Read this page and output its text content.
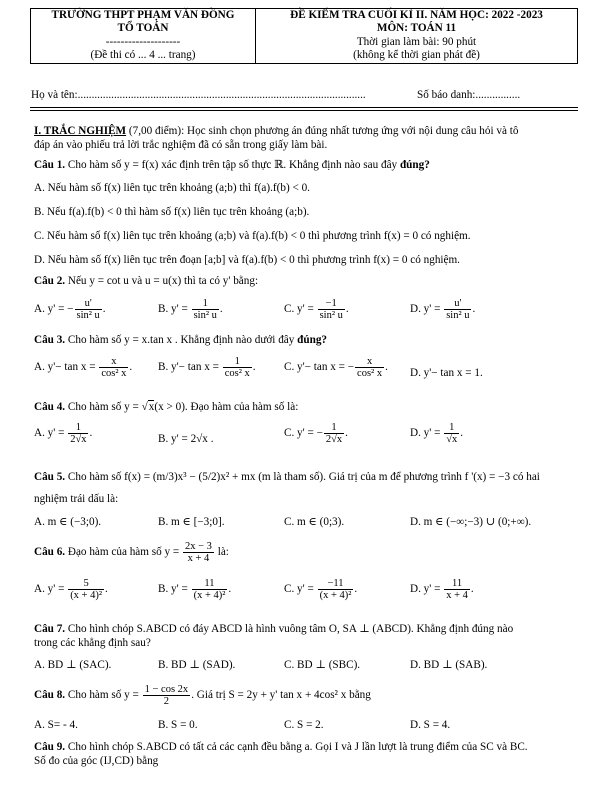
TRƯỜNG THPT PHẠM VĂN ĐỒNG
TỔ TOÁN
--------------------
(Đề thi có ... 4 ... trang)

ĐỀ KIỂM TRA CUỐI KÌ II. NĂM HỌC: 2022 -2023
MÔN: TOÁN 11
Thời gian làm bài: 90 phút
(không kể thời gian phát đề)
Họ và tên:.......................................................................................................	Số báo danh:................
I. TRẮC NGHIỆM (7,00 điểm): Học sinh chọn phương án đúng nhất tương ứng với nội dung câu hỏi và tô
đáp án vào phiếu trả lời trắc nghiệm đã có sẵn trong giấy làm bài.
Câu 1. Cho hàm số y = f(x) xác định trên tập số thực ℝ. Khẳng định nào sau đây đúng?
A. Nếu hàm số f(x) liên tục trên khoảng (a;b) thì f(a).f(b) < 0.
B. Nếu f(a).f(b) < 0 thì hàm số f(x) liên tục trên khoảng (a;b).
C. Nếu hàm số f(x) liên tục trên khoảng (a;b) và f(a).f(b) < 0 thì phương trình f(x) = 0 có nghiệm.
D. Nếu hàm số f(x) liên tục trên đoạn [a;b] và f(a).f(b) < 0 thì phương trình f(x) = 0 có nghiệm.
Câu 2. Nếu y = cot u và u = u(x) thì ta có y' bằng:
A. y' = − $\frac{u'}{\text{sin² u}}$ .	B. $y' = \frac{1}{\text{sin² u}}$ .	C. $y' = \frac{-1}{\text{sin² u}}$ .	D. $y' = \frac{u'}{\text{sin² u}}$ .
Câu 3. Cho hàm số y = x.tan x . Khẳng định nào dưới đây đúng?
A. $y'- \tan x = \frac{x}{\text{cos² x}}$ . B. $y'- \tan x = \frac{1}{\text{cos² x}}$ .	C. y'− tan x = − $\frac{x}{\text{cos² x}}$ . D. y'− tan x = 1.
Câu 4. Cho hàm số y = √x(x > 0). Đạo hàm của hàm số là:
A. $y' = \frac{1}{2√x}$ .	B. y' = 2√x .	C. y' = − $\frac{1}{2√x}$ .	D. $y' = \frac{1}{√x}$ .
Câu 5. Cho hàm số f(x) = (m/3)x³ − (5/2)x² + mx (m là tham số). Giá trị của m để phương trình f '(x) = −3 có hai
nghiệm trái dấu là:
A. m ∈ (−3;0).	B. m ∈ [−3;0].	C. m ∈ (0;3).	D. m ∈ (−∞;−3) ∪ (0;+∞).
Câu 6. Đạo hàm của hàm số $y = \frac{2x - 3}{x + 4}$ là:
A. $y' = \frac{5}{\text{(x + 4)²}}$ .	B. $y' = \frac{11}{\text{(x + 4)²}}$ .	C. $y' = \frac{-11}{\text{(x + 4)²}}$ .	D. $y' = \frac{11}{x + 4}$ .
Câu 7. Cho hình chóp S.ABCD có đáy ABCD là hình vuông tâm O, SA ⊥ (ABCD). Khẳng định đúng nào
trong các khẳng định sau?
A. BD ⊥ (SAC).	B. BD ⊥ (SAD).	C. BD ⊥ (SBC).	D. BD ⊥ (SAB).
Câu 8. Cho hàm số $y = \frac{1 - \cos 2x}{2}$ . Giá trị S = 2y + y' tan x + 4cos² x bằng
A. S= - 4.	B. S = 0.	C. S = 2.	D. S = 4.
Câu 9. Cho hình chóp S.ABCD có tất cả các cạnh đều bằng a. Gọi I và J lần lượt là trung điểm của SC và BC.
Số đo của góc (IJ,CD) bằng
